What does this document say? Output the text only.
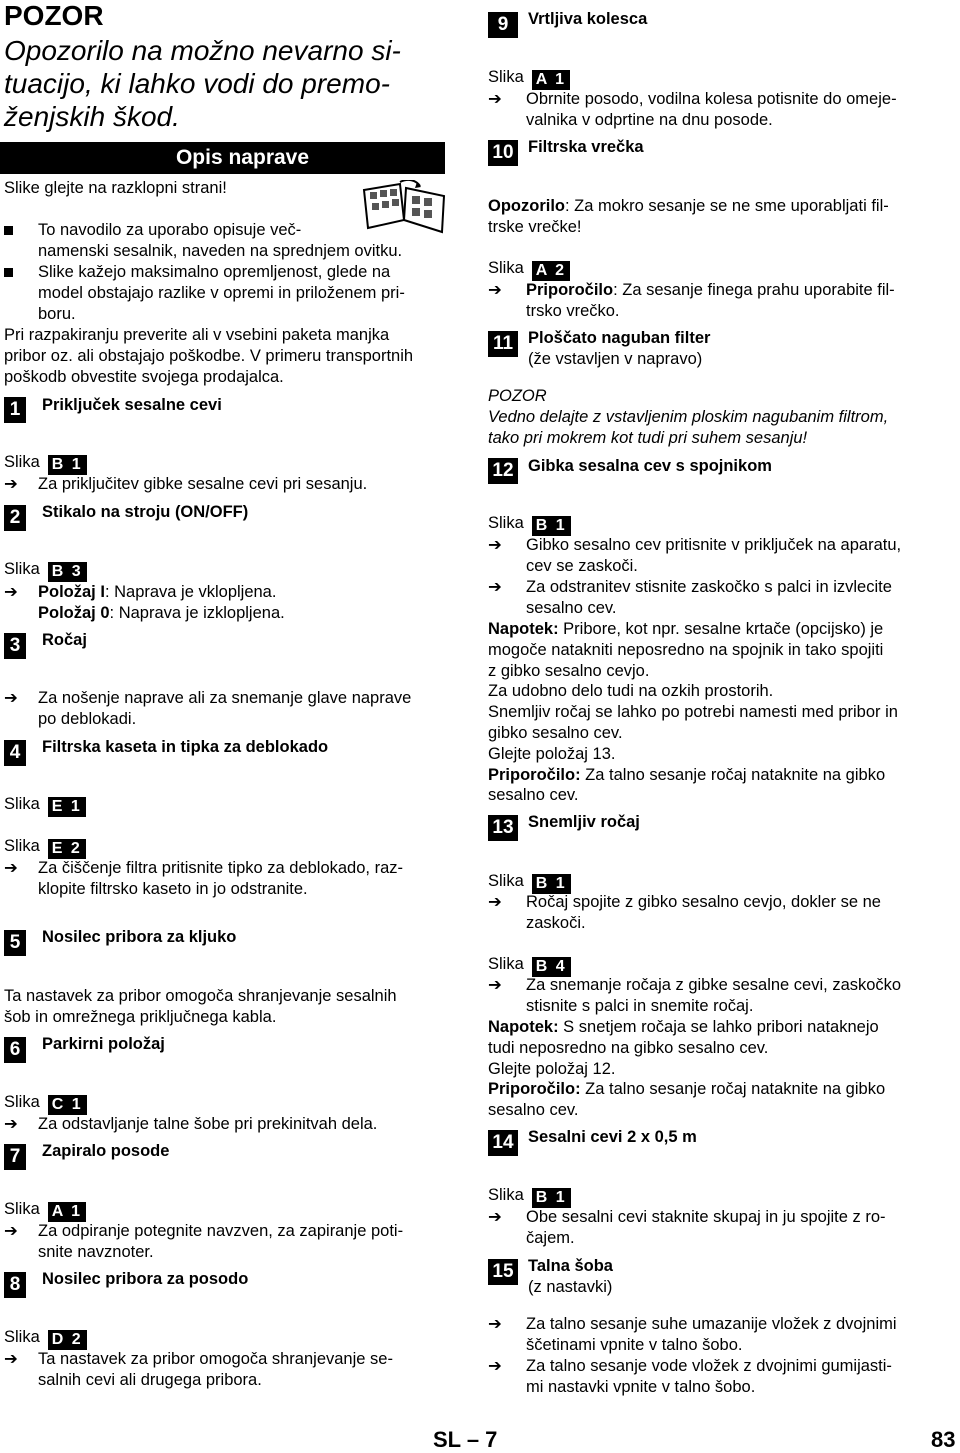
POZOR
Opozorilo na možno nevarno si-
tuacijo, ki lahko vodi do premo-
ženjskih škod.
Opis naprave
Slike glejte na razklopni strani!
To navodilo za uporabo opisuje več-
namenski sesalnik, naveden na sprednjem ovitku.
Slike kažejo maksimalno opremljenost, glede na
model obstajajo razlike v opremi in priloženem pri-
boru.
Pri razpakiranju preverite ali v vsebini paketa manjka
pribor oz. ali obstajajo poškodbe. V primeru transportnih
poškodb obvestite svojega prodajalca.
1	Priključek sesalne cevi
Slika B 1
➔ Za priključitev gibke sesalne cevi pri sesanju.
2	Stikalo na stroju (ON/OFF)
Slika B 3
➔ Položaj I: Naprava je vklopljena.
Položaj 0: Naprava je izklopljena.
3	Ročaj
➔ Za nošenje naprave ali za snemanje glave naprave
po deblokadi.
4	Filtrska kaseta in tipka za deblokado
Slika E 1
Slika E 2
➔ Za čiščenje filtra pritisnite tipko za deblokado, raz-
klopite filtrsko kaseto in jo odstranite.
5	Nosilec pribora za kljuko
Ta nastavek za pribor omogoča shranjevanje sesalnih
šob in omrežnega priključnega kabla.
6	Parkirni položaj
Slika C 1
➔ Za odstavljanje talne šobe pri prekinitvah dela.
7	Zapiralo posode
Slika A 1
➔ Za odpiranje potegnite navzven, za zapiranje poti-
snite navznoter.
8	Nosilec pribora za posodo
Slika D 2
➔ Ta nastavek za pribor omogoča shranjevanje se-
salnih cevi ali drugega pribora.
9	Vrtljiva kolesca
Slika A 1
➔ Obrnite posodo, vodilna kolesa potisnite do omeje-
valnika v odprtine na dnu posode.
10 Filtrska vrečka
Opozorilo: Za mokro sesanje se ne sme uporabljati fil-
trske vrečke!
Slika A 2
➔ Priporočilo: Za sesanje finega prahu uporabite fil-
trsko vrečko.
11 Ploščato naguban filter
(že vstavljen v napravo)
POZOR
Vedno delajte z vstavljenim ploskim nagubanim filtrom,
tako pri mokrem kot tudi pri suhem sesanju!
12 Gibka sesalna cev s spojnikom
Slika B 1
➔ Gibko sesalno cev pritisnite v priključek na aparatu,
cev se zaskoči.
➔ Za odstranitev stisnite zaskočko s palci in izvlecite
sesalno cev.
Napotek: Pribore, kot npr. sesalne krtače (opcijsko) je
mogoče natakniti neposredno na spojnik in tako spojiti
z gibko sesalno cevjo.
Za udobno delo tudi na ozkih prostorih.
Snemljiv ročaj se lahko po potrebi namesti med pribor in
gibko sesalno cev.
Glejte položaj 13.
Priporočilo: Za talno sesanje ročaj nataknite na gibko
sesalno cev.
13 Snemljiv ročaj
Slika B 1
➔ Ročaj spojite z gibko sesalno cevjo, dokler se ne
zaskoči.
Slika B 4
➔ Za snemanje ročaja z gibke sesalne cevi, zaskočko
stisnite s palci in snemite ročaj.
Napotek: S snetjem ročaja se lahko pribori nataknejo
tudi neposredno na gibko sesalno cev.
Glejte položaj 12.
Priporočilo: Za talno sesanje ročaj nataknite na gibko
sesalno cev.
14 Sesalni cevi 2 x 0,5 m
Slika B 1
➔ Obe sesalni cevi staknite skupaj in ju spojite z ro-
čajem.
15 Talna šoba
(z nastavki)
➔ Za talno sesanje suhe umazanije vložek z dvojnimi
ščetinami vpnite v talno šobo.
➔ Za talno sesanje vode vložek z dvojnimi gumijasti-
mi nastavki vpnite v talno šobo.
SL – 7	83
